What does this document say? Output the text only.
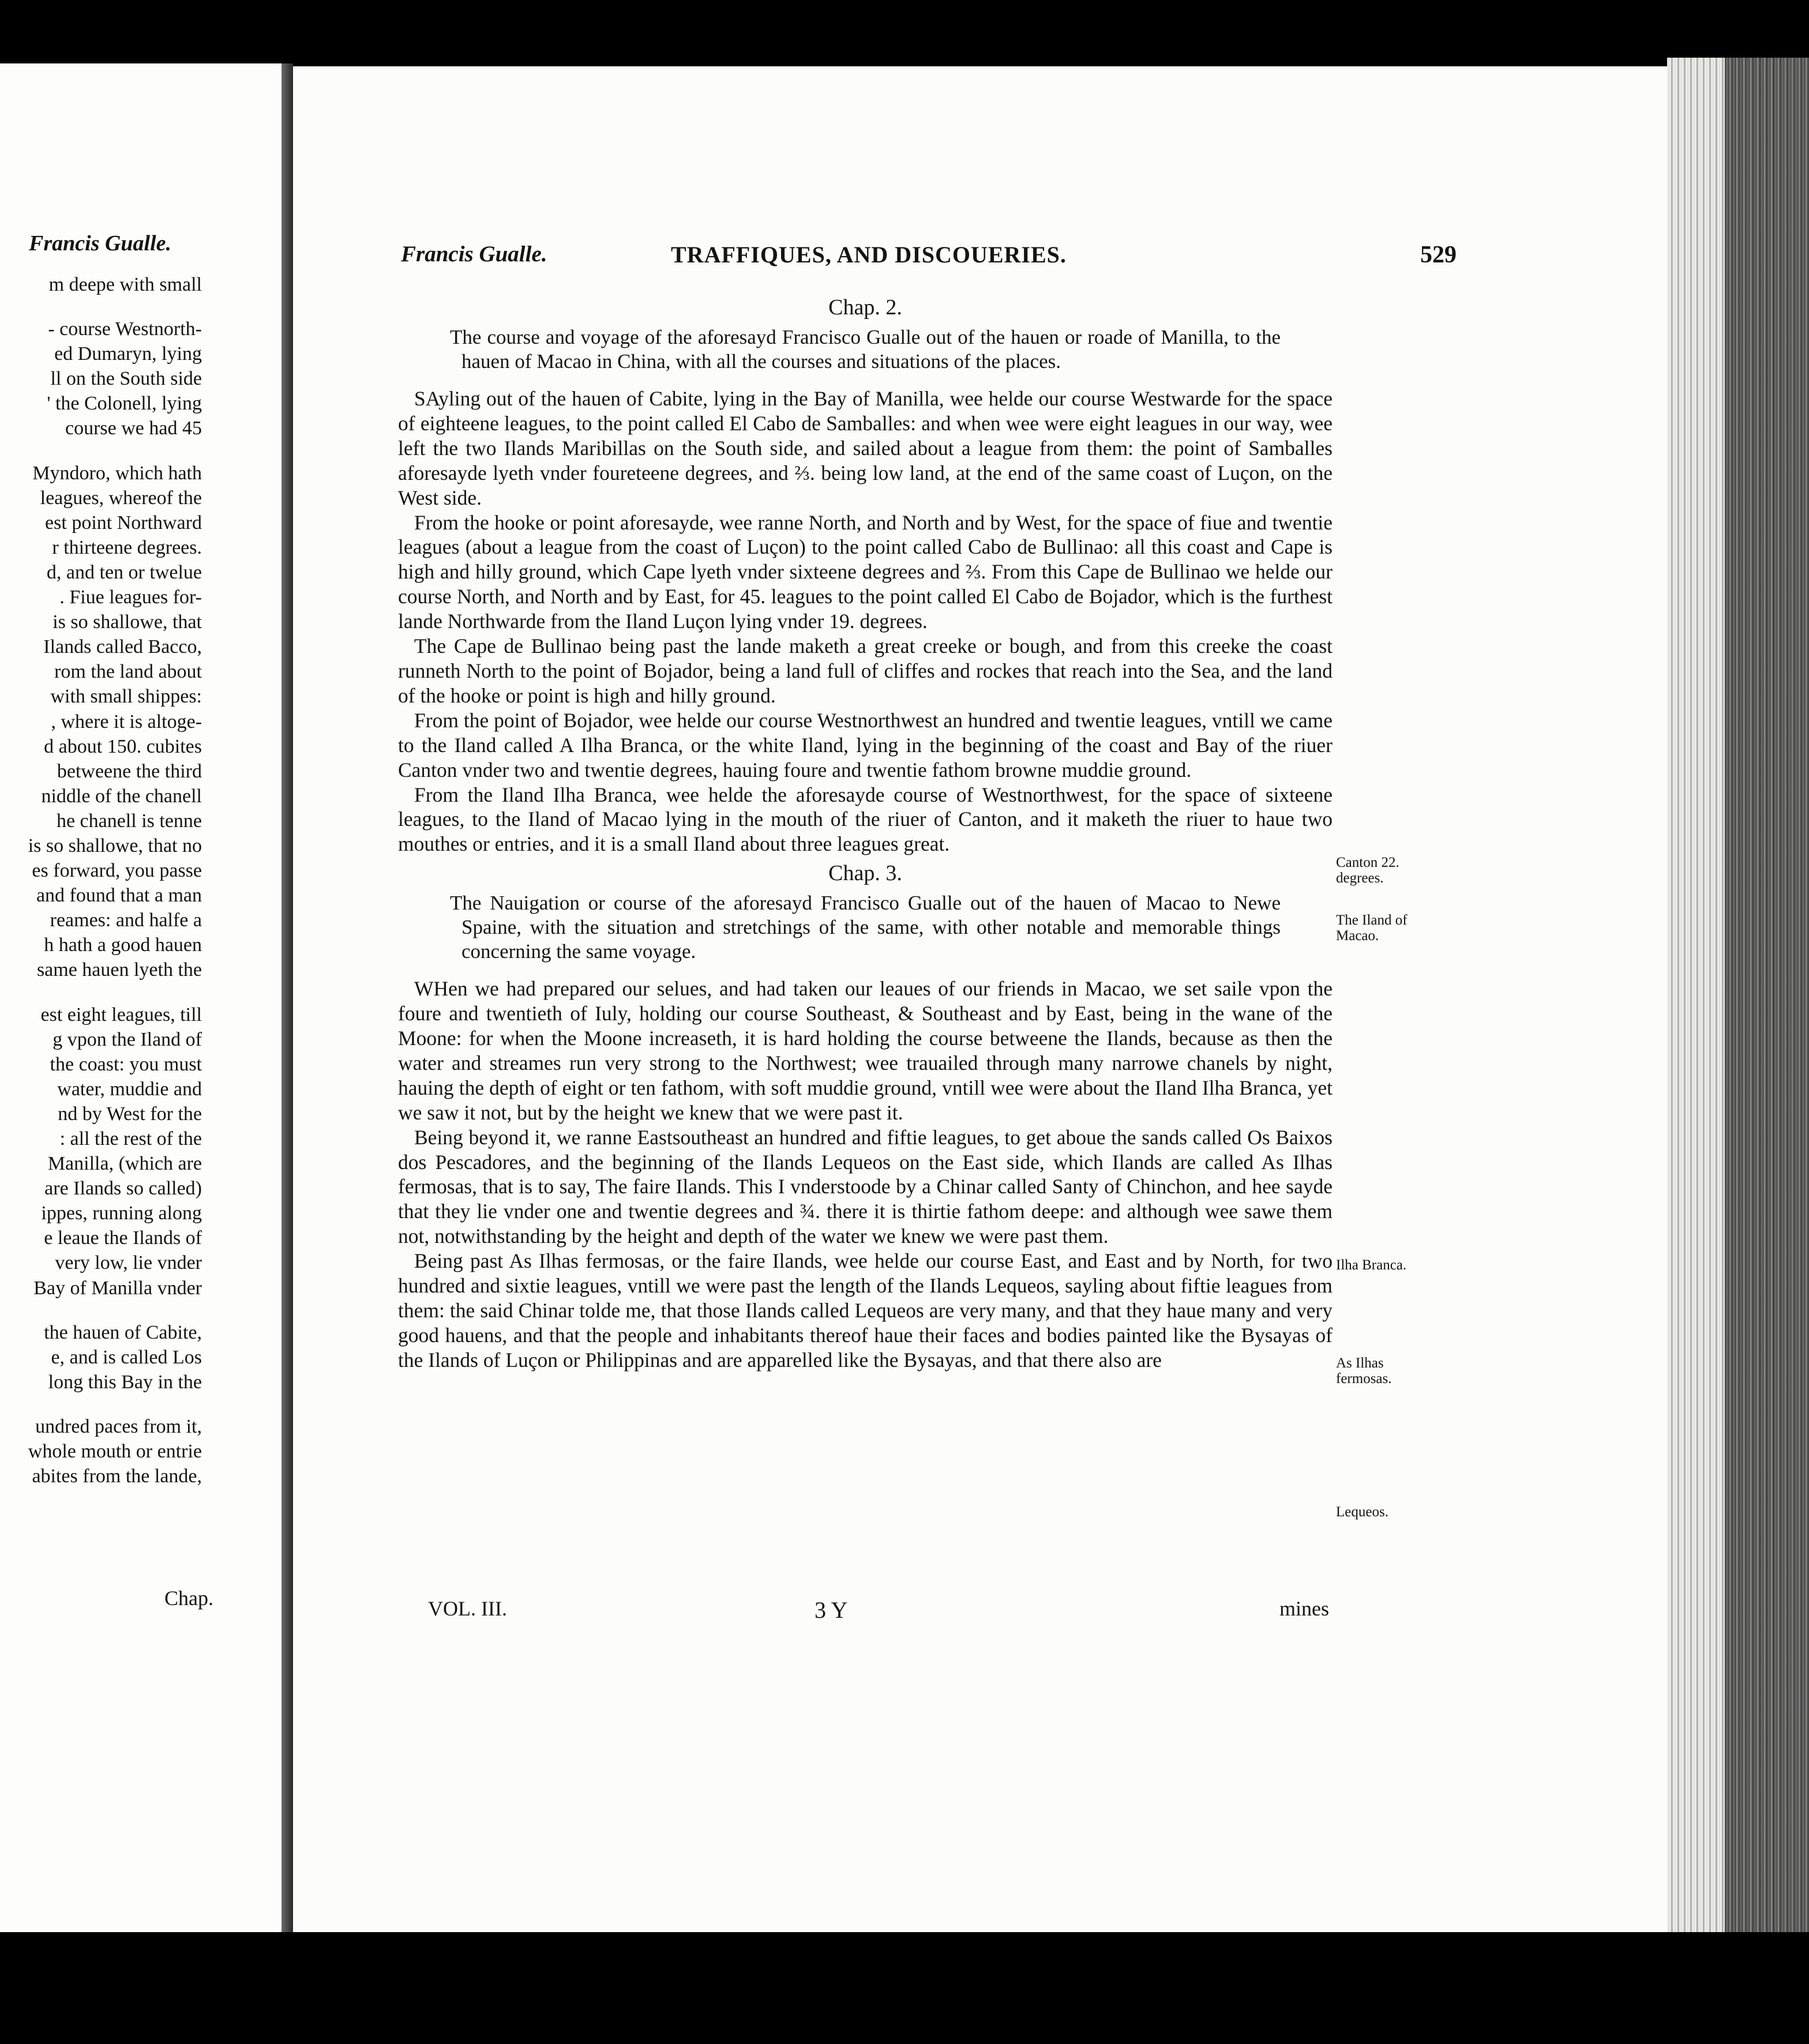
Francis Gualle.
m deepe with small
- course Westnorth-
ed Dumaryn, lying
ll on the South side
' the Colonell, lying
course we had 45
Myndoro, which hath
leagues, whereof the
est point Northward
r thirteene degrees.
d, and ten or twelue
. Fiue leagues for-
is so shallowe, that
Ilands called Bacco,
rom the land about
with small shippes:
, where it is altoge-
d about 150. cubites
betweene the third
niddle of the chanell
he chanell is tenne
is so shallowe, that no
es forward, you passe
and found that a man
reames: and halfe a
h hath a good hauen
same hauen lyeth the
est eight leagues, till
g vpon the Iland of
the coast: you must
water, muddie and
nd by West for the
: all the rest of the
Manilla, (which are
are Ilands so called)
ippes, running along
e leaue the Ilands of
very low, lie vnder
Bay of Manilla vnder
the hauen of Cabite,
e, and is called Los
long this Bay in the
undred paces from it,
whole mouth or entrie
abites from the lande,
Chap.
Francis Gualle.	TRAFFIQUES, AND DISCOUERIES.	529
Chap. 2.
The course and voyage of the aforesayd Francisco Gualle out of the hauen or roade of Manilla, to the hauen of Macao in China, with all the courses and situations of the places.

SAyling out of the hauen of Cabite, lying in the Bay of Manilla, wee helde our course Westwarde for the space of eighteene leagues, to the point called El Cabo de Samballes: and when wee were eight leagues in our way, wee left the two Ilands Maribillas on the South side, and sailed about a league from them: the point of Samballes aforesayde lyeth vnder foureteene degrees, and ⅔. being low land, at the end of the same coast of Luçon, on the West side.

From the hooke or point aforesayde, wee ranne North, and North and by West, for the space of fiue and twentie leagues (about a league from the coast of Luçon) to the point called Cabo de Bullinao: all this coast and Cape is high and hilly ground, which Cape lyeth vnder sixteene degrees and ⅔. From this Cape de Bullinao we helde our course North, and North and by East, for 45. leagues to the point called El Cabo de Bojador, which is the furthest lande Northwarde from the Iland Luçon lying vnder 19. degrees.

The Cape de Bullinao being past the lande maketh a great creeke or bough, and from this creeke the coast runneth North to the point of Bojador, being a land full of cliffes and rockes that reach into the Sea, and the land of the hooke or point is high and hilly ground.

From the point of Bojador, wee helde our course Westnorthwest an hundred and twentie leagues, vntill we came to the Iland called A Ilha Branca, or the white Iland, lying in the beginning of the coast and Bay of the riuer Canton vnder two and twentie degrees, hauing foure and twentie fathom browne muddie ground.

From the Iland Ilha Branca, wee helde the aforesayde course of Westnorthwest, for the space of sixteene leagues, to the Iland of Macao lying in the mouth of the riuer of Canton, and it maketh the riuer to haue two mouthes or entries, and it is a small Iland about three leagues great.

Chap. 3.
The Nauigation or course of the aforesayd Francisco Gualle out of the hauen of Macao to Newe Spaine, with the situation and stretchings of the same, with other notable and memorable things concerning the same voyage.

WHen we had prepared our selues, and had taken our leaues of our friends in Macao, we set saile vpon the foure and twentieth of Iuly, holding our course Southeast, & Southeast and by East, being in the wane of the Moone: for when the Moone increaseth, it is hard holding the course betweene the Ilands, because as then the water and streames run very strong to the Northwest; wee trauailed through many narrowe chanels by night, hauing the depth of eight or ten fathom, with soft muddie ground, vntill wee were about the Iland Ilha Branca, yet we saw it not, but by the height we knew that we were past it.

Being beyond it, we ranne Eastsoutheast an hundred and fiftie leagues, to get aboue the sands called Os Baixos dos Pescadores, and the beginning of the Ilands Lequeos on the East side, which Ilands are called As Ilhas fermosas, that is to say, The faire Ilands. This I vnderstoode by a Chinar called Santy of Chinchon, and hee sayde that they lie vnder one and twentie degrees and ¾. there it is thirtie fathom deepe: and although wee sawe them not, notwithstanding by the height and depth of the water we knew we were past them.

Being past As Ilhas fermosas, or the faire Ilands, wee helde our course East, and East and by North, for two hundred and sixtie leagues, vntill we were past the length of the Ilands Lequeos, sayling about fiftie leagues from them: the said Chinar tolde me, that those Ilands called Lequeos are very many, and that they haue many and very good hauens, and that the people and inhabitants thereof haue their faces and bodies painted like the Bysayas of the Ilands of Luçon or Philippinas and are apparelled like the Bysayas, and that there also are

Canton 22. degrees.
The Iland of Macao.
Ilha Branca.
As Ilhas fermosas.
Lequeos.
VOL. III.	3 Y	mines
